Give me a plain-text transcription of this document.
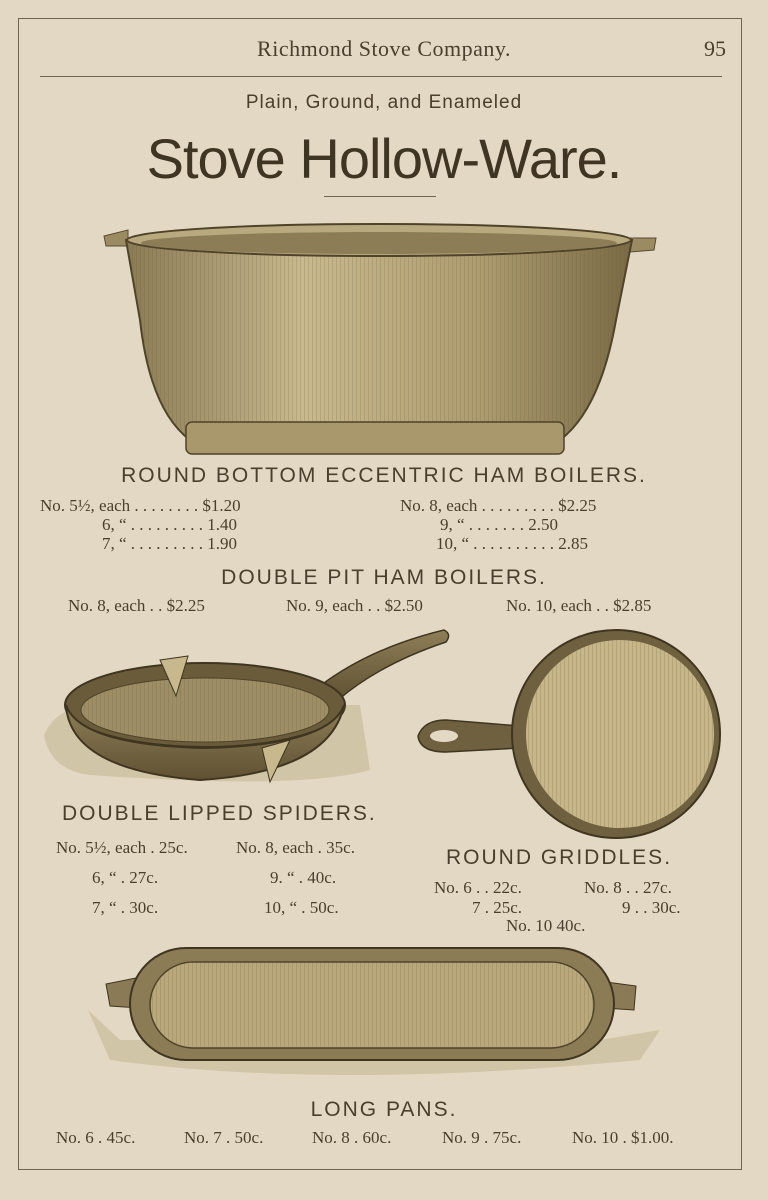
Richmond Stove Company.	95
Plain, Ground, and Enameled
Stove Hollow-Ware.
ROUND BOTTOM ECCENTRIC HAM BOILERS.
No. 5½, each . . . . . . . . $1.20
6, “ . . . . . . . . . 1.40
7, “ . . . . . . . . . 1.90
No. 8, each . . . . . . . . . $2.25
9, “ . . . . . . . 2.50
10, “ . . . . . . . . . . 2.85
DOUBLE PIT HAM BOILERS.
No. 8, each . . $2.25	No. 9, each . . $2.50	No. 10, each . . $2.85
DOUBLE LIPPED SPIDERS.
No. 5½, each . 25c.
6, “ . 27c.
7, “ . 30c.
No. 8, each . 35c.
9. “ . 40c.
10, “ . 50c.
ROUND GRIDDLES.
No. 6 . . 22c.	No. 8 . . 27c.
7 . 25c.	9 . . 30c.
No. 10 40c.
LONG PANS.
No. 6 . 45c.	No. 7 . 50c.	No. 8 . 60c.	No. 9 . 75c.	No. 10 . $1.00.
